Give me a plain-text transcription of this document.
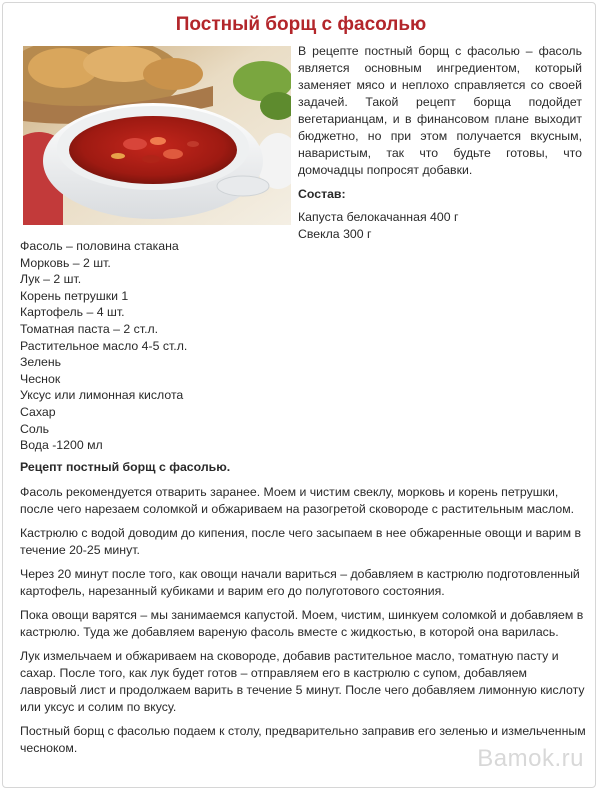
Постный борщ с фасолью

В рецепте постный борщ с фасолью – фасоль является основным ингредиентом, который заменяет мясо и неплохо справляется со своей задачей. Такой рецепт борща подойдет вегетарианцам, и в финансовом плане выходит бюджетно, но при этом получается вкусным, наваристым, так что будьте готовы, что домочадцы попросят добавки.

Состав:

Капуста белокачанная 400 г

Свекла 300 г

Фасоль – половина стакана
Морковь – 2 шт.
Лук – 2 шт.
Корень петрушки 1
Картофель – 4 шт.
Томатная паста – 2 ст.л.
Растительное масло 4-5 ст.л.
Зелень
Чеснок
Уксус или лимонная кислота
Сахар
Соль
Вода -1200 мл

Рецепт постный борщ с фасолью.

Фасоль рекомендуется отварить заранее. Моем и чистим свеклу, морковь и корень петрушки, после чего нарезаем соломкой и обжариваем на разогретой сковороде с растительным маслом.

Кастрюлю с водой доводим до кипения, после чего засыпаем в нее обжаренные овощи и варим в течение 20-25 минут.

Через 20 минут после того, как овощи начали вариться – добавляем в кастрюлю подготовленный картофель, нарезанный кубиками и варим его до полуготового состояния.

Пока овощи варятся – мы занимаемся капустой. Моем, чистим, шинкуем соломкой и добавляем в кастрюлю. Туда же добавляем вареную фасоль вместе с жидкостью, в которой она варилась.

Лук измельчаем и обжариваем на сковороде, добавив растительное масло, томатную пасту и сахар. После того, как лук будет готов – отправляем его в кастрюлю с супом, добавляем лавровый лист и продолжаем варить в течение 5 минут. После чего добавляем лимонную кислоту или уксус и солим по вкусу.

Постный борщ с фасолью подаем к столу, предварительно заправив его зеленью и измельченным чесноком.	Bamok.ru
